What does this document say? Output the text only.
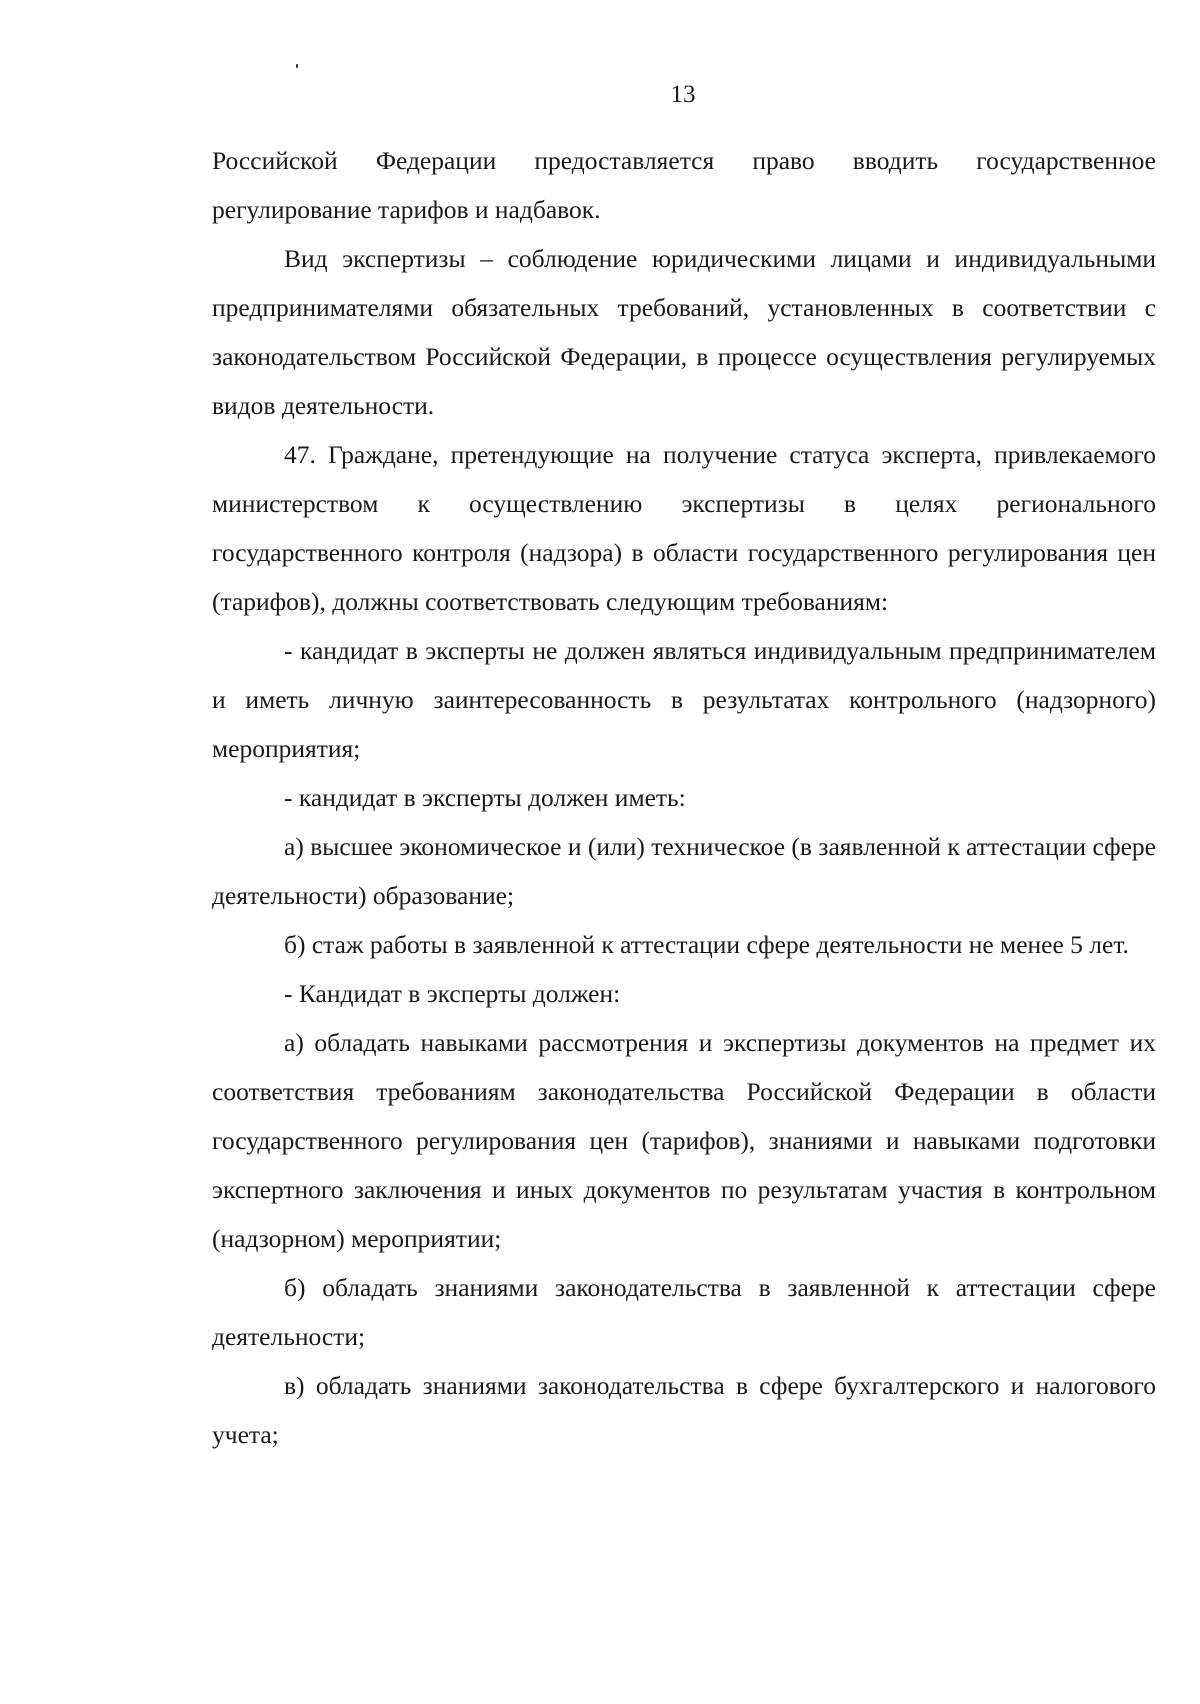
13

Российской Федерации предоставляется право вводить государственное регулирование тарифов и надбавок.

Вид экспертизы – соблюдение юридическими лицами и индивидуальными предпринимателями обязательных требований, установленных в соответствии с законодательством Российской Федерации, в процессе осуществления регулируемых видов деятельности.

47. Граждане, претендующие на получение статуса эксперта, привлекаемого министерством к осуществлению экспертизы в целях регионального государственного контроля (надзора) в области государственного регулирования цен (тарифов), должны соответствовать следующим требованиям:

- кандидат в эксперты не должен являться индивидуальным предпринимателем и иметь личную заинтересованность в результатах контрольного (надзорного) мероприятия;

- кандидат в эксперты должен иметь:

а) высшее экономическое и (или) техническое (в заявленной к аттестации сфере деятельности) образование;

б) стаж работы в заявленной к аттестации сфере деятельности не менее 5 лет.

- Кандидат в эксперты должен:

а) обладать навыками рассмотрения и экспертизы документов на предмет их соответствия требованиям законодательства Российской Федерации в области государственного регулирования цен (тарифов), знаниями и навыками подготовки экспертного заключения и иных документов по результатам участия в контрольном (надзорном) мероприятии;

б) обладать знаниями законодательства в заявленной к аттестации сфере деятельности;

в) обладать знаниями законодательства в сфере бухгалтерского и налогового учета;
